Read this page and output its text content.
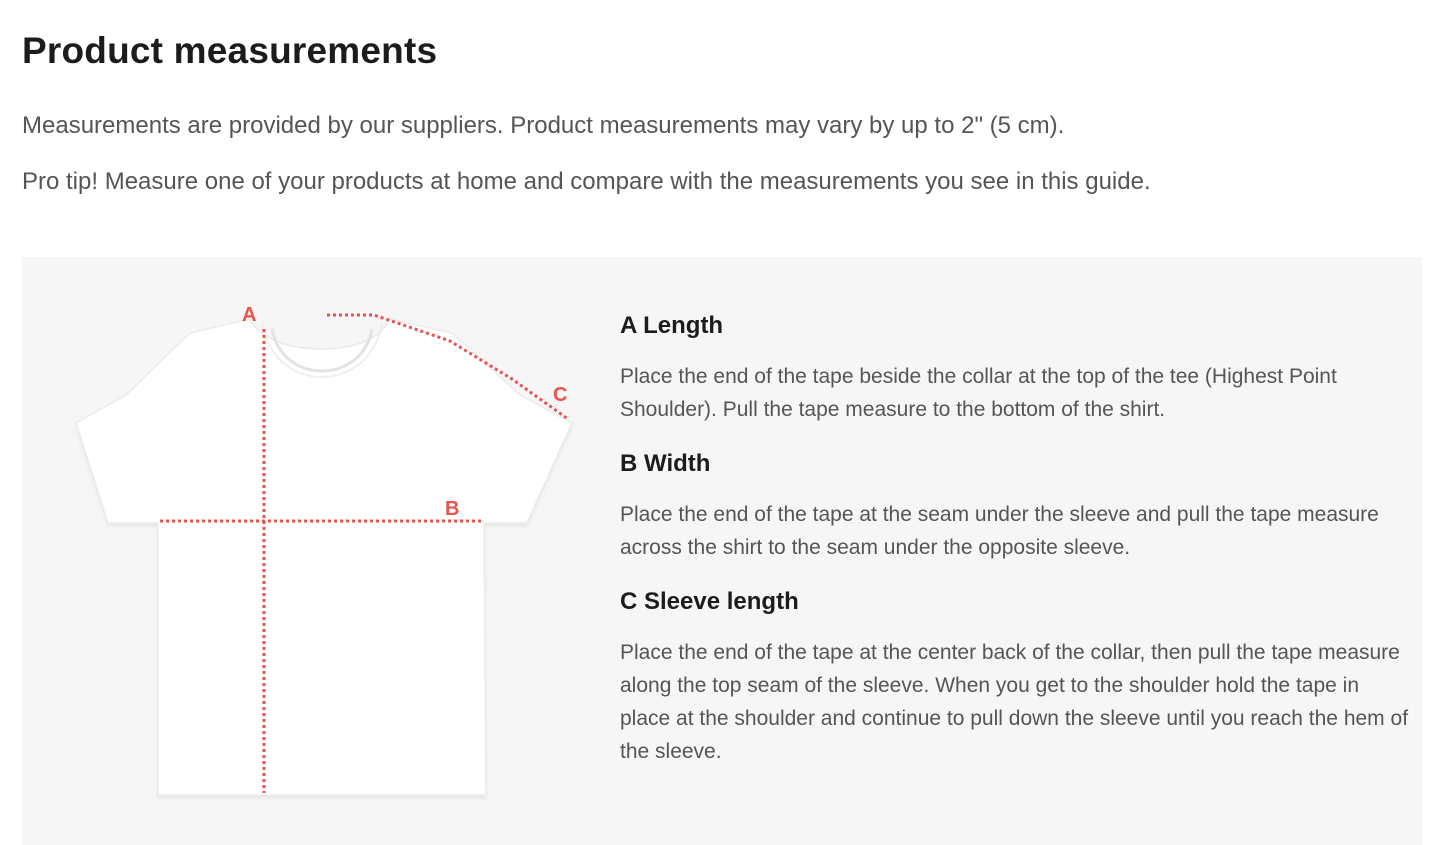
Product measurements

Measurements are provided by our suppliers. Product measurements may vary by up to 2" (5 cm).

Pro tip! Measure one of your products at home and compare with the measurements you see in this guide.

A
B
C
A Length

Place the end of the tape beside the collar at the top of the tee (Highest Point Shoulder). Pull the tape measure to the bottom of the shirt.

B Width

Place the end of the tape at the seam under the sleeve and pull the tape measure across the shirt to the seam under the opposite sleeve.

C Sleeve length

Place the end of the tape at the center back of the collar, then pull the tape measure along the top seam of the sleeve. When you get to the shoulder hold the tape in place at the shoulder and continue to pull down the sleeve until you reach the hem of the sleeve.
